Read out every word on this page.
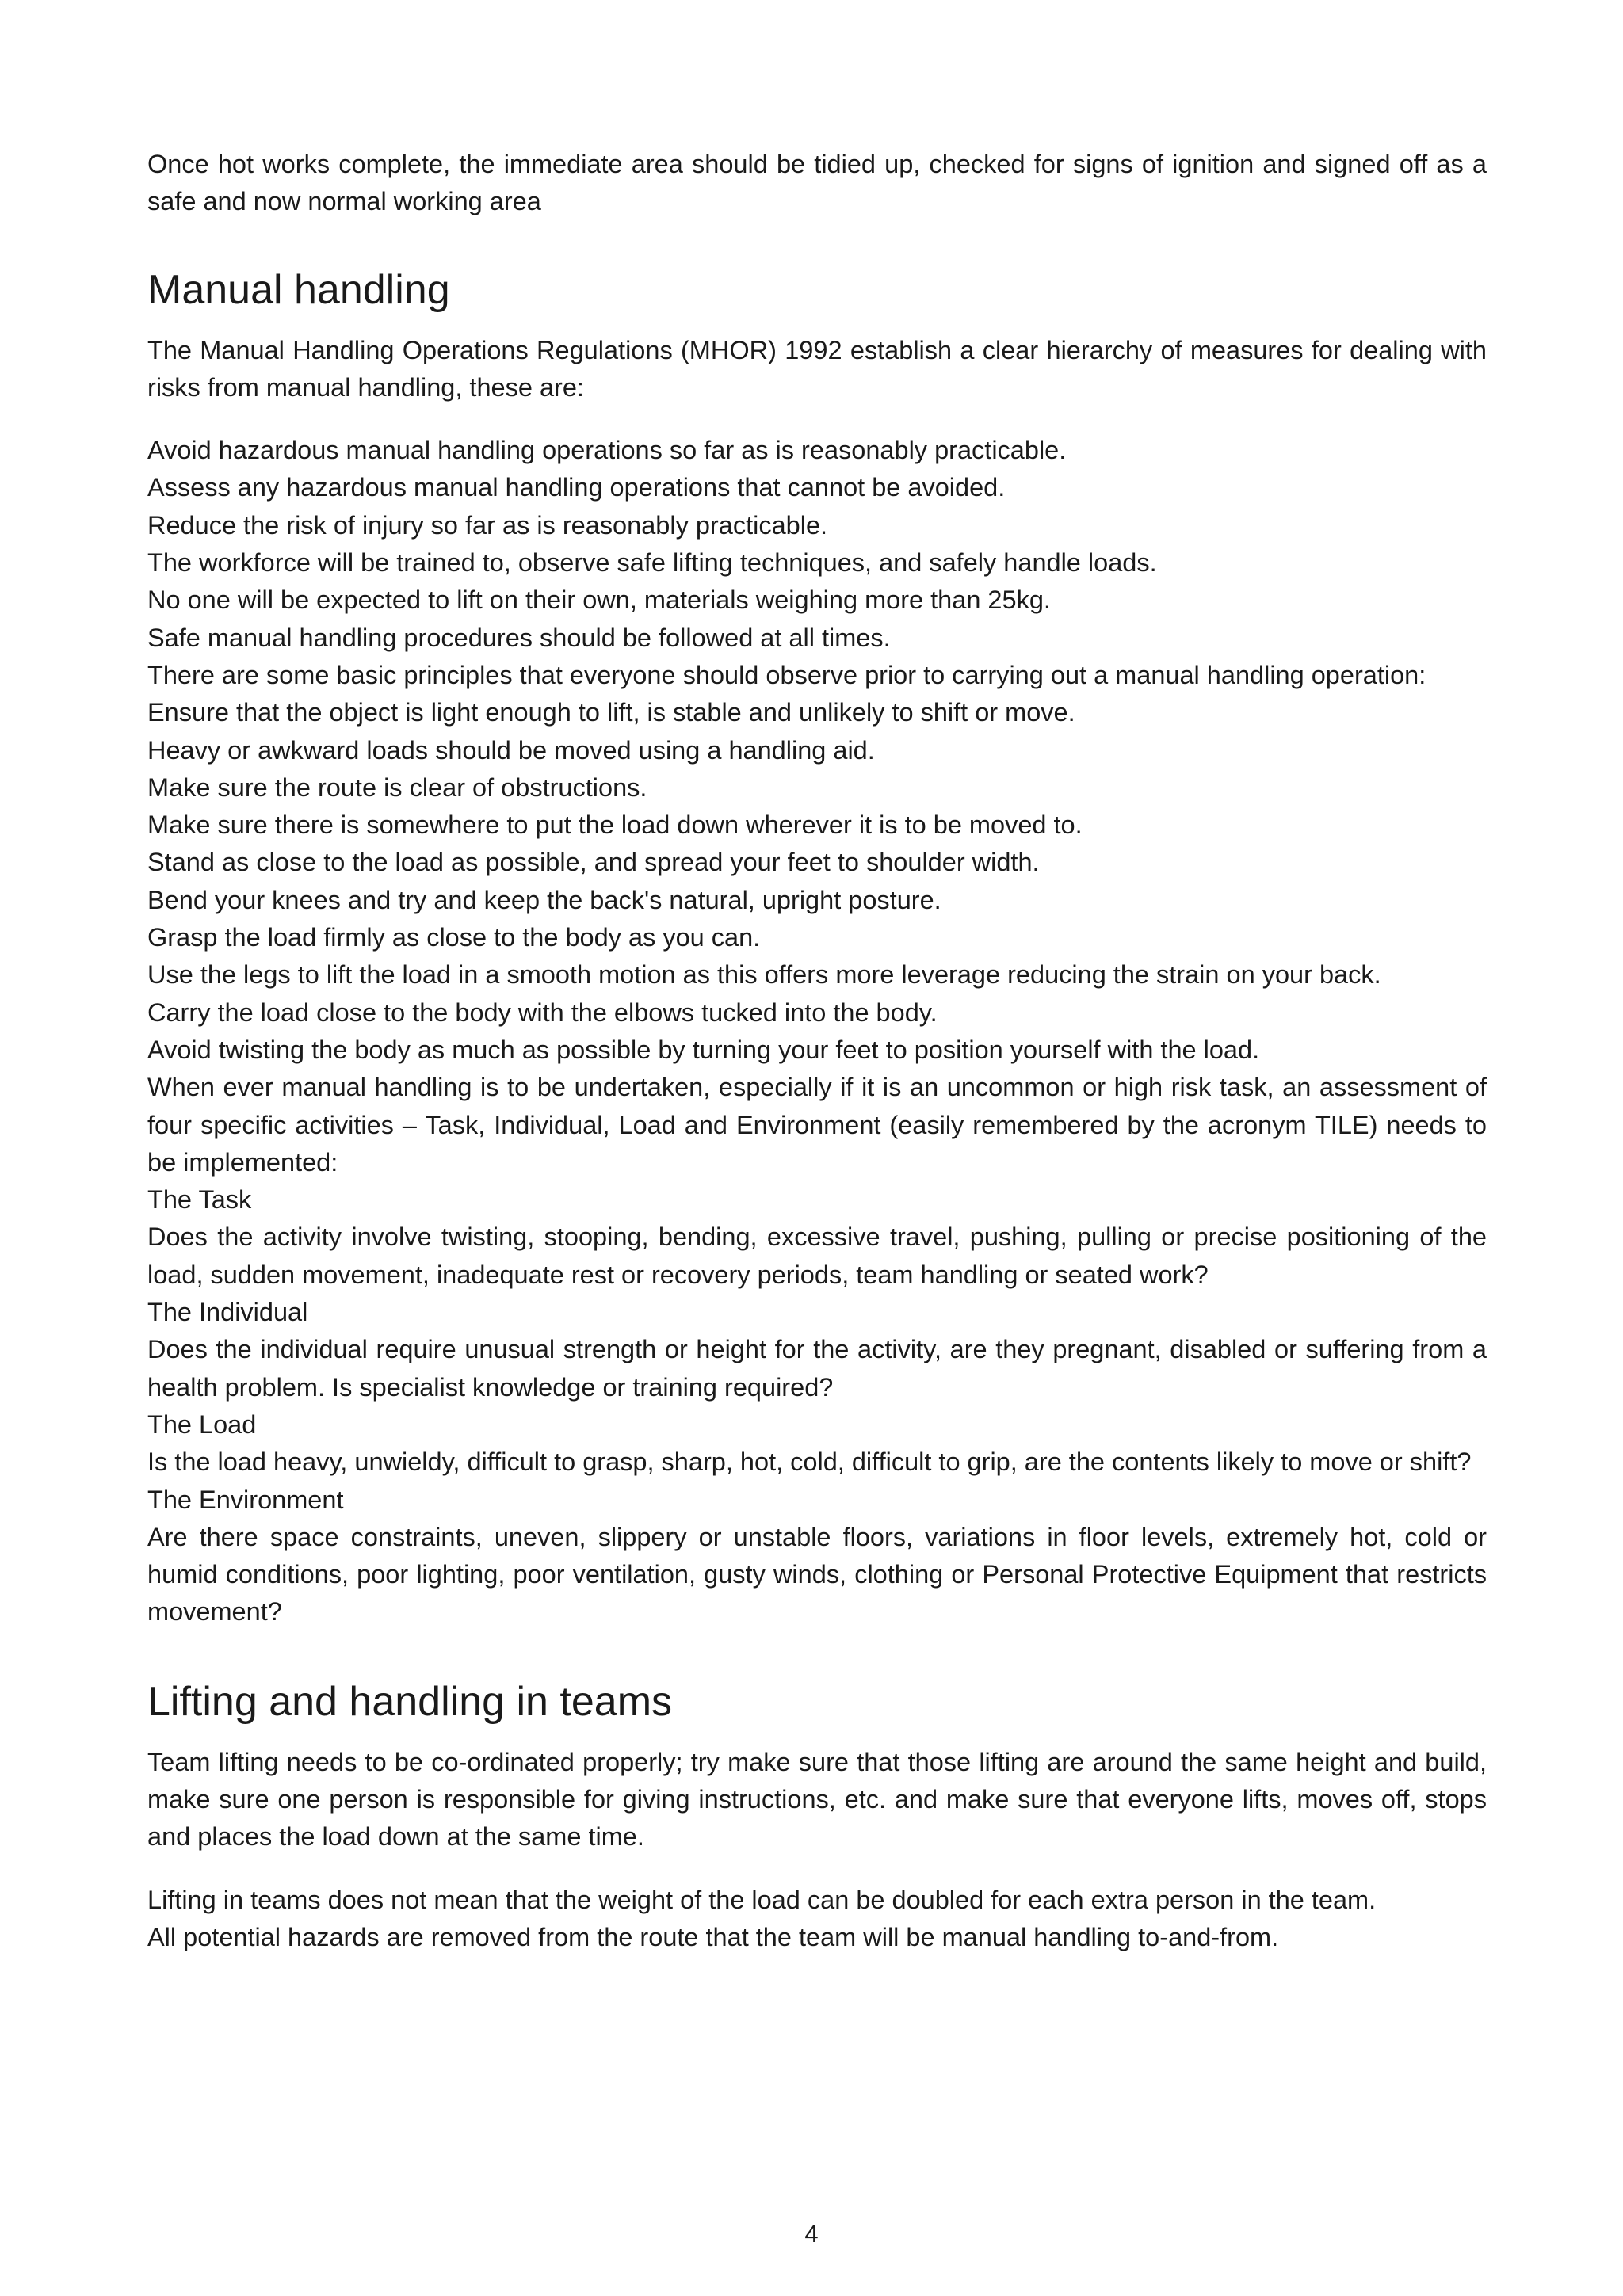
Once hot works complete, the immediate area should be tidied up, checked for signs of ignition and signed off as a safe and now normal working area

Manual handling

The Manual Handling Operations Regulations (MHOR) 1992 establish a clear hierarchy of measures for dealing with risks from manual handling, these are:

Avoid hazardous manual handling operations so far as is reasonably practicable.
Assess any hazardous manual handling operations that cannot be avoided.
Reduce the risk of injury so far as is reasonably practicable.
The workforce will be trained to, observe safe lifting techniques, and safely handle loads.
No one will be expected to lift on their own, materials weighing more than 25kg.
Safe manual handling procedures should be followed at all times.
There are some basic principles that everyone should observe prior to carrying out a manual handling operation:
Ensure that the object is light enough to lift, is stable and unlikely to shift or move.
Heavy or awkward loads should be moved using a handling aid.
Make sure the route is clear of obstructions.
Make sure there is somewhere to put the load down wherever it is to be moved to.
Stand as close to the load as possible, and spread your feet to shoulder width.
Bend your knees and try and keep the back's natural, upright posture.
Grasp the load firmly as close to the body as you can.
Use the legs to lift the load in a smooth motion as this offers more leverage reducing the strain on your back.
Carry the load close to the body with the elbows tucked into the body.
Avoid twisting the body as much as possible by turning your feet to position yourself with the load.
When ever manual handling is to be undertaken, especially if it is an uncommon or high risk task, an assessment of four specific activities – Task, Individual, Load and Environment (easily remembered by the acronym TILE) needs to be implemented:
The Task
Does the activity involve twisting, stooping, bending, excessive travel, pushing, pulling or precise positioning of the load, sudden movement, inadequate rest or recovery periods, team handling or seated work?
The Individual
Does the individual require unusual strength or height for the activity, are they pregnant, disabled or suffering from a health problem. Is specialist knowledge or training required?
The Load
Is the load heavy, unwieldy, difficult to grasp, sharp, hot, cold, difficult to grip, are the contents likely to move or shift?
The Environment
Are there space constraints, uneven, slippery or unstable floors, variations in floor levels, extremely hot, cold or humid conditions, poor lighting, poor ventilation, gusty winds, clothing or Personal Protective Equipment that restricts movement?
Lifting and handling in teams

Team lifting needs to be co-ordinated properly; try make sure that those lifting are around the same height and build, make sure one person is responsible for giving instructions, etc. and make sure that everyone lifts, moves off, stops and places the load down at the same time.

Lifting in teams does not mean that the weight of the load can be doubled for each extra person in the team.
All potential hazards are removed from the route that the team will be manual handling to-and-from.
4
